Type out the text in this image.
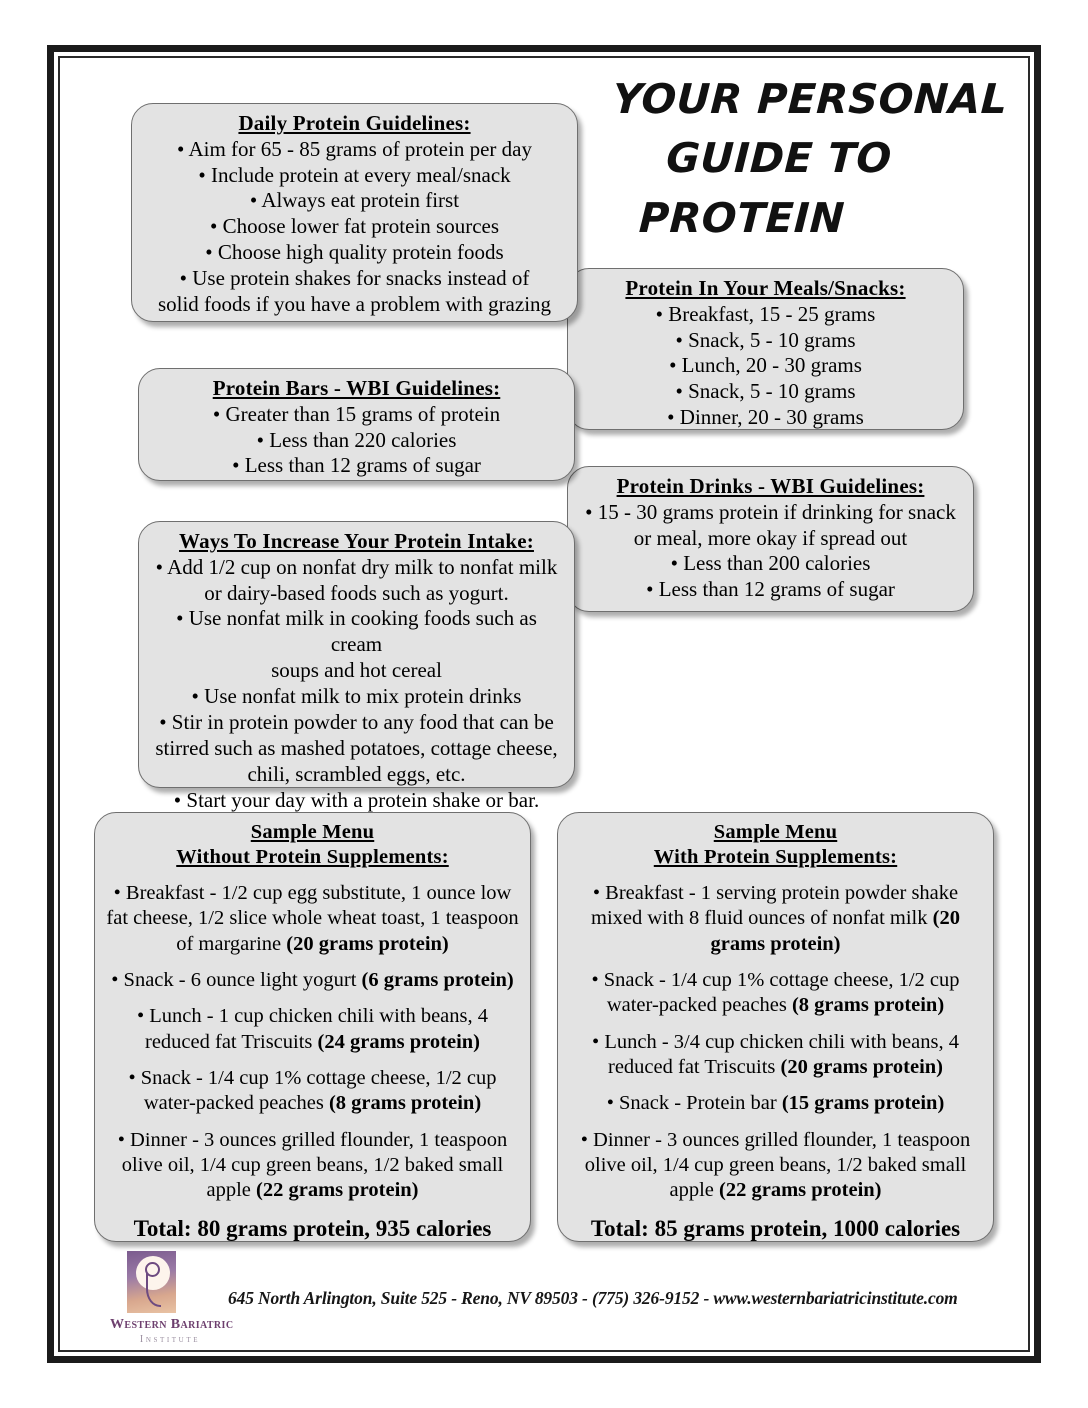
YOUR PERSONAL
GUIDE TO
PROTEIN
Daily Protein Guidelines:
• Aim for 65 - 85 grams of protein per day
• Include protein at every meal/snack
• Always eat protein first
• Choose lower fat protein sources
• Choose high quality protein foods
• Use protein shakes for snacks instead of
solid foods if you have a problem with grazing
Protein In Your Meals/Snacks:
• Breakfast, 15 - 25 grams
• Snack, 5 - 10 grams
• Lunch, 20 - 30 grams
• Snack, 5 - 10 grams
• Dinner, 20 - 30 grams
Protein Bars - WBI Guidelines:
• Greater than 15 grams of protein
• Less than 220 calories
• Less than 12 grams of sugar
Protein Drinks - WBI Guidelines:
• 15 - 30 grams protein if drinking for snack
or meal, more okay if spread out
• Less than 200 calories
• Less than 12 grams of sugar
Ways To Increase Your Protein Intake:
• Add 1/2 cup on nonfat dry milk to nonfat milk
or dairy-based foods such as yogurt.
• Use nonfat milk in cooking foods such as cream
soups and hot cereal
• Use nonfat milk to mix protein drinks
• Stir in protein powder to any food that can be
stirred such as mashed potatoes, cottage cheese,
chili, scrambled eggs, etc.
• Start your day with a protein shake or bar.
Sample Menu
Without Protein Supplements:
• Breakfast - 1/2 cup egg substitute, 1 ounce low fat cheese, 1/2 slice whole wheat toast, 1 teaspoon of margarine (20 grams protein)
• Snack - 6 ounce light yogurt (6 grams protein)
• Lunch - 1 cup chicken chili with beans, 4 reduced fat Triscuits (24 grams protein)
• Snack - 1/4 cup 1% cottage cheese, 1/2 cup water-packed peaches (8 grams protein)
• Dinner - 3 ounces grilled flounder, 1 teaspoon olive oil, 1/4 cup green beans, 1/2 baked small apple (22 grams protein)
Total: 80 grams protein, 935 calories
Sample Menu
With Protein Supplements:
• Breakfast - 1 serving protein powder shake mixed with 8 fluid ounces of nonfat milk (20 grams protein)
• Snack - 1/4 cup 1% cottage cheese, 1/2 cup water-packed peaches (8 grams protein)
• Lunch - 3/4 cup chicken chili with beans, 4 reduced fat Triscuits (20 grams protein)
• Snack - Protein bar (15 grams protein)
• Dinner - 3 ounces grilled flounder, 1 teaspoon olive oil, 1/4 cup green beans, 1/2 baked small apple (22 grams protein)
Total: 85 grams protein, 1000 calories
Western Bariatric
Institute
645 North Arlington, Suite 525 - Reno, NV 89503 - (775) 326-9152 - www.westernbariatricinstitute.com
